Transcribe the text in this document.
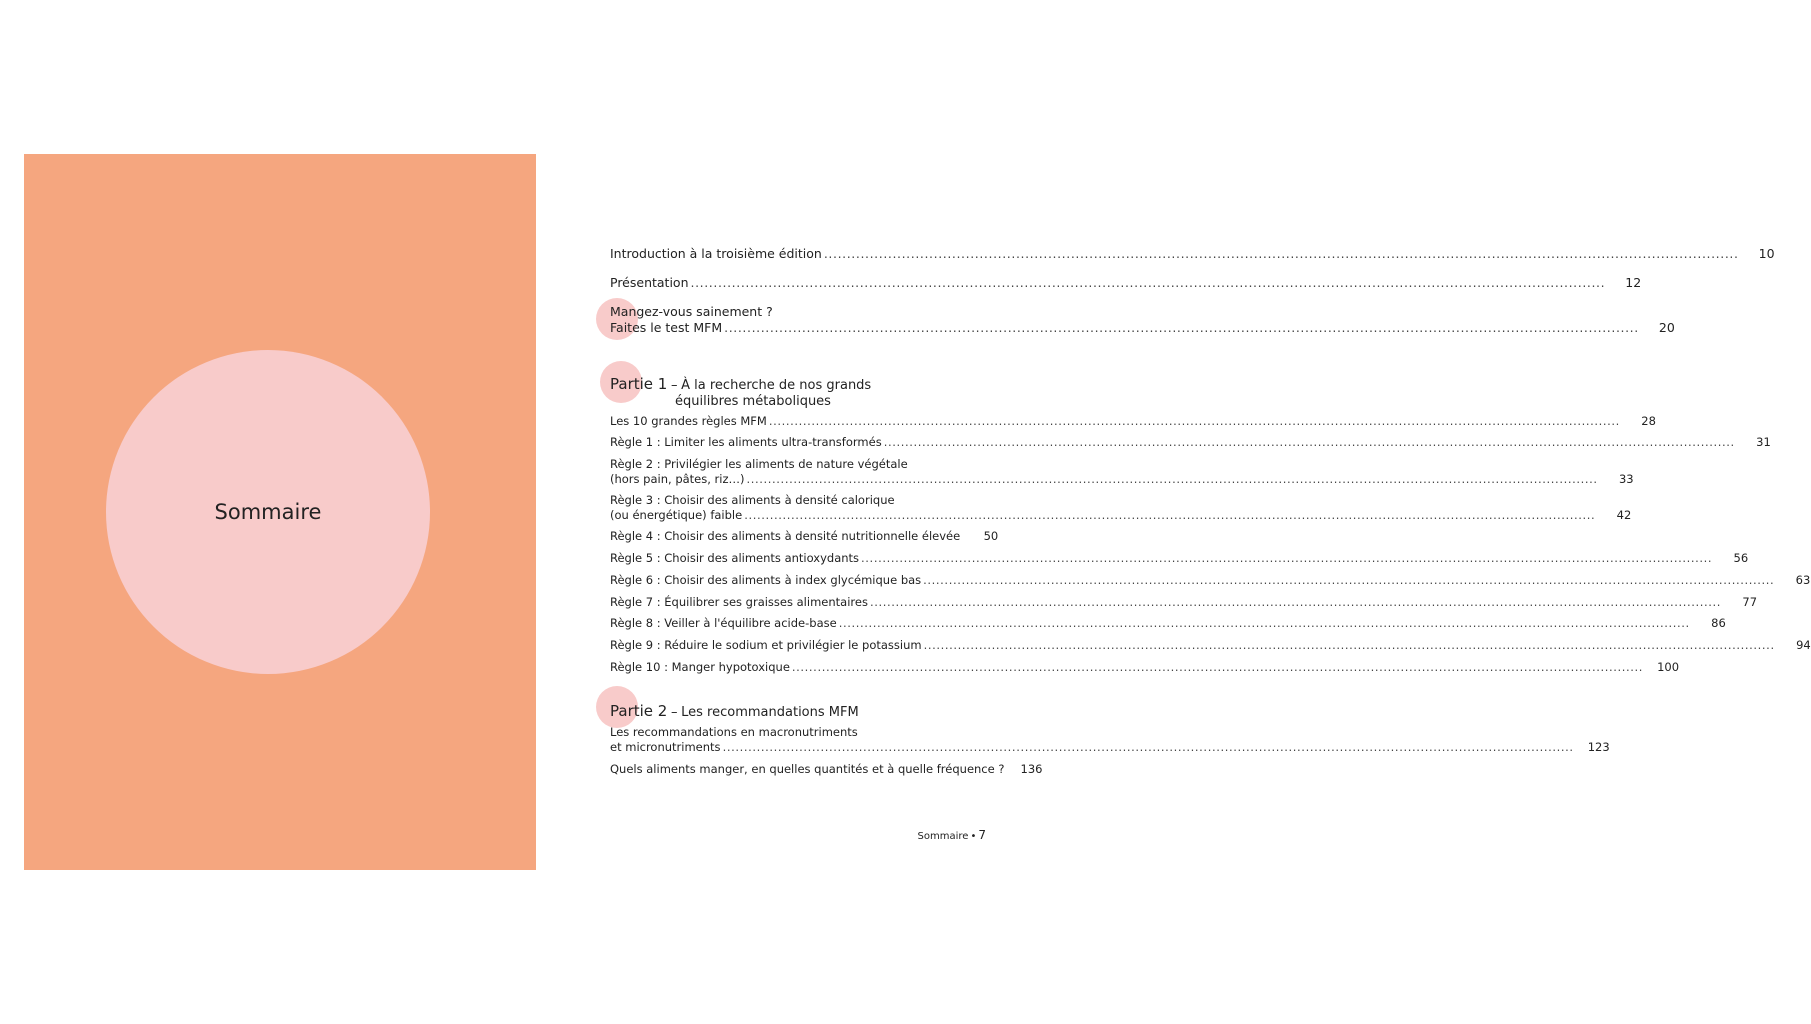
Sommaire
Introduction à la troisième édition .....	10
Présentation .....	12
Mangez-vous sainement ?
Faites le test MFM .....	20
Partie 1 – À la recherche de nos grands
équilibres métaboliques
Les 10 grandes règles MFM .....	28
Règle 1 : Limiter les aliments ultra-transformés .....	31
Règle 2 : Privilégier les aliments de nature végétale
(hors pain, pâtes, riz…) .....	33
Règle 3 : Choisir des aliments à densité calorique
(ou énergétique) faible .....	42
Règle 4 : Choisir des aliments à densité nutritionnelle élevée	50
Règle 5 : Choisir des aliments antioxydants .....	56
Règle 6 : Choisir des aliments à index glycémique bas .....	63
Règle 7 : Équilibrer ses graisses alimentaires .....	77
Règle 8 : Veiller à l'équilibre acide-base .....	86
Règle 9 : Réduire le sodium et privilégier le potassium .....	94
Règle 10 : Manger hypotoxique .....	100
Partie 2 – Les recommandations MFM
Les recommandations en macronutriments
et micronutriments .....	123
Quels aliments manger, en quelles quantités et à quelle fréquence ?	136
Sommaire • 7
